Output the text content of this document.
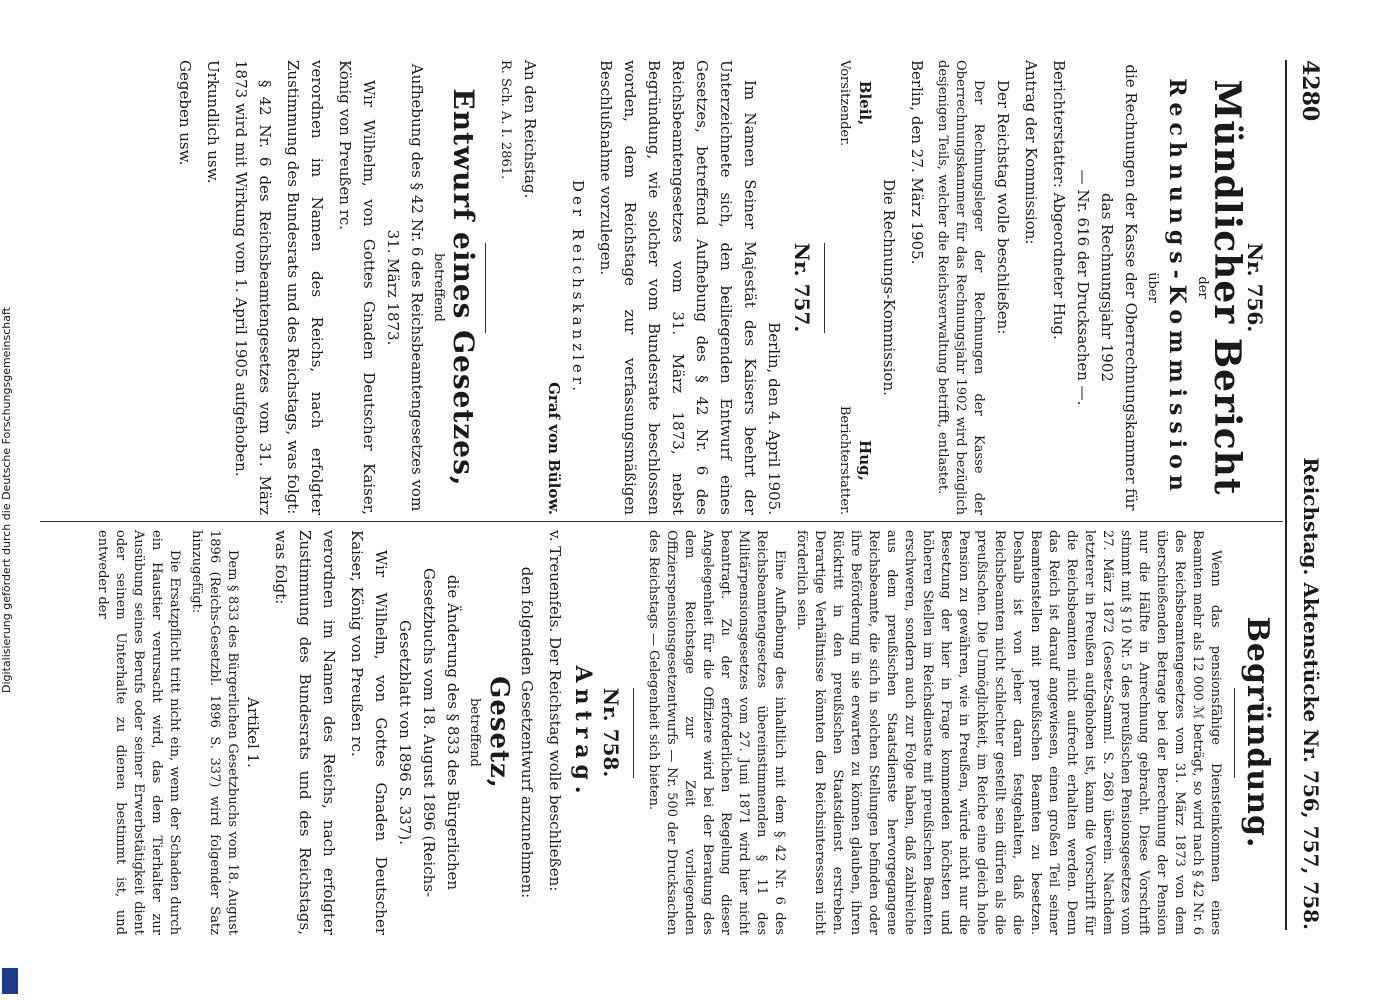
4280
Reichstag. Aktenstücke Nr. 756, 757, 758.
Nr. 756.
Mündlicher Bericht
der
Rechnungs-Kommission
über
die Rechnungen der Kasse der Oberrechnungskammer für das Rechnungsjahr 1902
— Nr. 616 der Drucksachen —.

Berichterstatter: Abgeordneter Hug.

Antrag der Kommission:

Der Reichstag wolle beschließen:

Der Rechnungsleger der Rechnungen der Kasse der Oberrechnungskammer für das Rechnungsjahr 1902 wird bezüglich desjenigen Teils, welcher die Reichsverwaltung betrifft, entlastet.

Berlin, den 27. März 1905.

Die Rechnungs-Kommission.
Bleil,
Vorsitzender.
Hug,
Berichterstatter.
Nr. 757.
Berlin, den 4. April 1905.

Im Namen Seiner Majestät des Kaisers beehrt der Unterzeichnete sich, den beiliegenden Entwurf eines Gesetzes, betreffend Aufhebung des § 42 Nr. 6 des Reichsbeamtengesetzes vom 31. März 1873, nebst Begründung, wie solcher vom Bundesrate beschlossen worden, dem Reichstage zur verfassungsmäßigen Beschlußnahme vorzulegen.

Der Reichskanzler.
Graf von Bülow.

An den Reichstag.

R. Sch. A. I. 2861.

Entwurf eines Gesetzes,
betreffend
Aufhebung des § 42 Nr. 6 des Reichsbeamtengesetzes vom 31. März 1873.

Wir Wilhelm, von Gottes Gnaden Deutscher Kaiser, König von Preußen rc.

verordnen im Namen des Reichs, nach erfolgter Zustimmung des Bundesrats und des Reichstags, was folgt:

§ 42 Nr. 6 des Reichsbeamtengesetzes vom 31. März 1873 wird mit Wirkung vom 1. April 1905 aufgehoben.

Urkundlich usw.

Gegeben usw.

Begründung.

Wenn das pensionsfähige Diensteinkommen eines Beamten mehr als 12 000 ℳ beträgt, so wird nach § 42 Nr. 6 des Reichsbeamtengesetzes vom 31. März 1873 von dem überschießenden Betrage bei der Berechnung der Pension nur die Hälfte in Anrechnung gebracht. Diese Vorschrift stimmt mit § 10 Nr. 5 des preußischen Pensionsgesetzes vom 27. März 1872 (Gesetz-Samml. S. 268) überein. Nachdem letzterer in Preußen aufgehoben ist, kann die Vorschrift für die Reichsbeamten nicht aufrecht erhalten werden. Denn das Reich ist darauf angewiesen, einen großen Teil seiner Beamtenstellen mit preußischen Beamten zu besetzen. Deshalb ist von jeher daran festgehalten, daß die Reichsbeamten nicht schlechter gestellt sein dürfen als die preußischen. Die Unmöglichkeit, im Reiche eine gleich hohe Pension zu gewähren, wie in Preußen, würde nicht nur die Besetzung der hier in Frage kommenden höchsten und höheren Stellen im Reichsdienste mit preußischen Beamten erschweren, sondern auch zur Folge haben, daß zahlreiche aus dem preußischen Staatsdienste hervorgegangene Reichsbeamte, die sich in solchen Stellungen befinden oder ihre Beförderung in sie erwarten zu können glauben, ihren Rücktritt in den preußischen Staatsdienst erstreben. Derartige Verhältnisse könnten den Reichsinteressen nicht förderlich sein.

Eine Aufhebung des inhaltlich mit dem § 42 Nr. 6 des Reichsbeamtengesetzes übereinstimmenden § 11 des Militärpensionsgesetzes vom 27. Juni 1871 wird hier nicht beantragt. Zu der erforderlichen Regelung dieser Angelegenheit für die Offiziere wird bei der Beratung des dem Reichstage zur Zeit vorliegenden Offizierspensionsgesetzentwurfs — Nr. 500 der Drucksachen des Reichstags — Gelegenheit sich bieten.

Nr. 758.
Antrag.

v. Treuenfels. Der Reichstag wolle beschließen:

den folgenden Gesetzentwurf anzunehmen:

Gesetz,
betreffend
die Änderung des § 833 des Bürgerlichen Gesetzbuchs vom 18. August 1896 (Reichs-Gesetzblatt von 1896 S. 337).

Wir Wilhelm, von Gottes Gnaden Deutscher Kaiser, König von Preußen rc.

verordnen im Namen des Reichs, nach erfolgter Zustimmung des Bundesrats und des Reichstags, was folgt:

Artikel 1.

Dem § 833 des Bürgerlichen Gesetzbuchs vom 18. August 1896 (Reichs-Gesetzbl. 1896 S. 337) wird folgender Satz hinzugefügt:

Die Ersatzpflicht tritt nicht ein, wenn der Schaden durch ein Haustier verursacht wird, das dem Tierhalter zur Ausübung seines Berufs oder seiner Erwerbstätigkeit dient oder seinem Unterhalte zu dienen bestimmt ist, und entweder der

Digitalisierung gefördert durch die Deutsche Forschungsgemeinschaft
